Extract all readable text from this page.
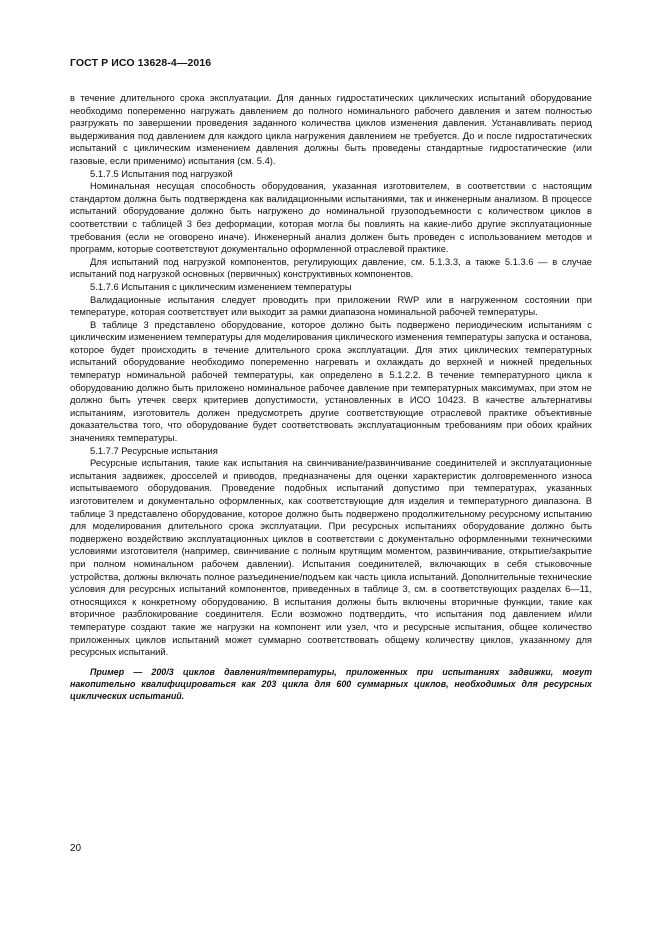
ГОСТ Р ИСО 13628-4—2016

в течение длительного срока эксплуатации. Для данных гидростатических циклических испытаний оборудование необходимо попеременно нагружать давлением до полного номинального рабочего давления и затем полностью разгружать по завершении проведения заданного количества циклов изменения давления. Устанавливать период выдерживания под давлением для каждого цикла нагружения давлением не требуется. До и после гидростатических испытаний с циклическим изменением давления должны быть проведены стандартные гидростатические (или газовые, если применимо) испытания (см. 5.4).

5.1.7.5 Испытания под нагрузкой

Номинальная несущая способность оборудования, указанная изготовителем, в соответствии с настоящим стандартом должна быть подтверждена как валидационными испытаниями, так и инженерным анализом. В процессе испытаний оборудование должно быть нагружено до номинальной грузоподъемности с количеством циклов в соответствии с таблицей 3 без деформации, которая могла бы повлиять на какие-либо другие эксплуатационные требования (если не оговорено иначе). Инженерный анализ должен быть проведен с использованием методов и программ, которые соответствуют документально оформленной отраслевой практике.

Для испытаний под нагрузкой компонентов, регулирующих давление, см. 5.1.3.3, а также 5.1.3.6 — в случае испытаний под нагрузкой основных (первичных) конструктивных компонентов.

5.1.7.6 Испытания с циклическим изменением температуры

Валидационные испытания следует проводить при приложении RWP или в нагруженном состоянии при температуре, которая соответствует или выходит за рамки диапазона номинальной рабочей температуры.

В таблице 3 представлено оборудование, которое должно быть подвержено периодическим испытаниям с циклическим изменением температуры для моделирования циклического изменения температуры запуска и останова, которое будет происходить в течение длительного срока эксплуатации. Для этих циклических температурных испытаний оборудование необходимо попеременно нагревать и охлаждать до верхней и нижней предельных температур номинальной рабочей температуры, как определено в 5.1.2.2. В течение температурного цикла к оборудованию должно быть приложено номинальное рабочее давление при температурных максимумах, при этом не должно быть утечек сверх критериев допустимости, установленных в ИСО 10423. В качестве альтернативы испытаниям, изготовитель должен предусмотреть другие соответствующие отраслевой практике объективные доказательства того, что оборудование будет соответствовать эксплуатационным требованиям при обоих крайних значениях температуры.

5.1.7.7 Ресурсные испытания

Ресурсные испытания, такие как испытания на свинчивание/развинчивание соединителей и эксплуатационные испытания задвижек, дросселей и приводов, предназначены для оценки характеристик долговременного износа испытываемого оборудования. Проведение подобных испытаний допустимо при температурах, указанных изготовителем и документально оформленных, как соответствующие для изделия и температурного диапазона. В таблице 3 представлено оборудование, которое должно быть подвержено продолжительному ресурсному испытанию для моделирования длительного срока эксплуатации. При ресурсных испытаниях оборудование должно быть подвержено воздействию эксплуатационных циклов в соответствии с документально оформленными техническими условиями изготовителя (например, свинчивание с полным крутящим моментом, развинчивание, открытие/закрытие при полном номинальном рабочем давлении). Испытания соединителей, включающих в себя стыковочные устройства, должны включать полное разъединение/подъем как часть цикла испытаний. Дополнительные технические условия для ресурсных испытаний компонентов, приведенных в таблице 3, см. в соответствующих разделах 6—11, относящихся к конкретному оборудованию. В испытания должны быть включены вторичные функции, такие как вторичное разблокирование соединителя. Если возможно подтвердить, что испытания под давлением и/или температуре создают такие же нагрузки на компонент или узел, что и ресурсные испытания, общее количество приложенных циклов испытаний может суммарно соответствовать общему количеству циклов, указанному для ресурсных испытаний.

Пример — 200/3 циклов давления/температуры, приложенных при испытаниях задвижки, могут накопительно квалифицироваться как 203 цикла для 600 суммарных циклов, необходимых для ресурсных циклических испытаний.

20
